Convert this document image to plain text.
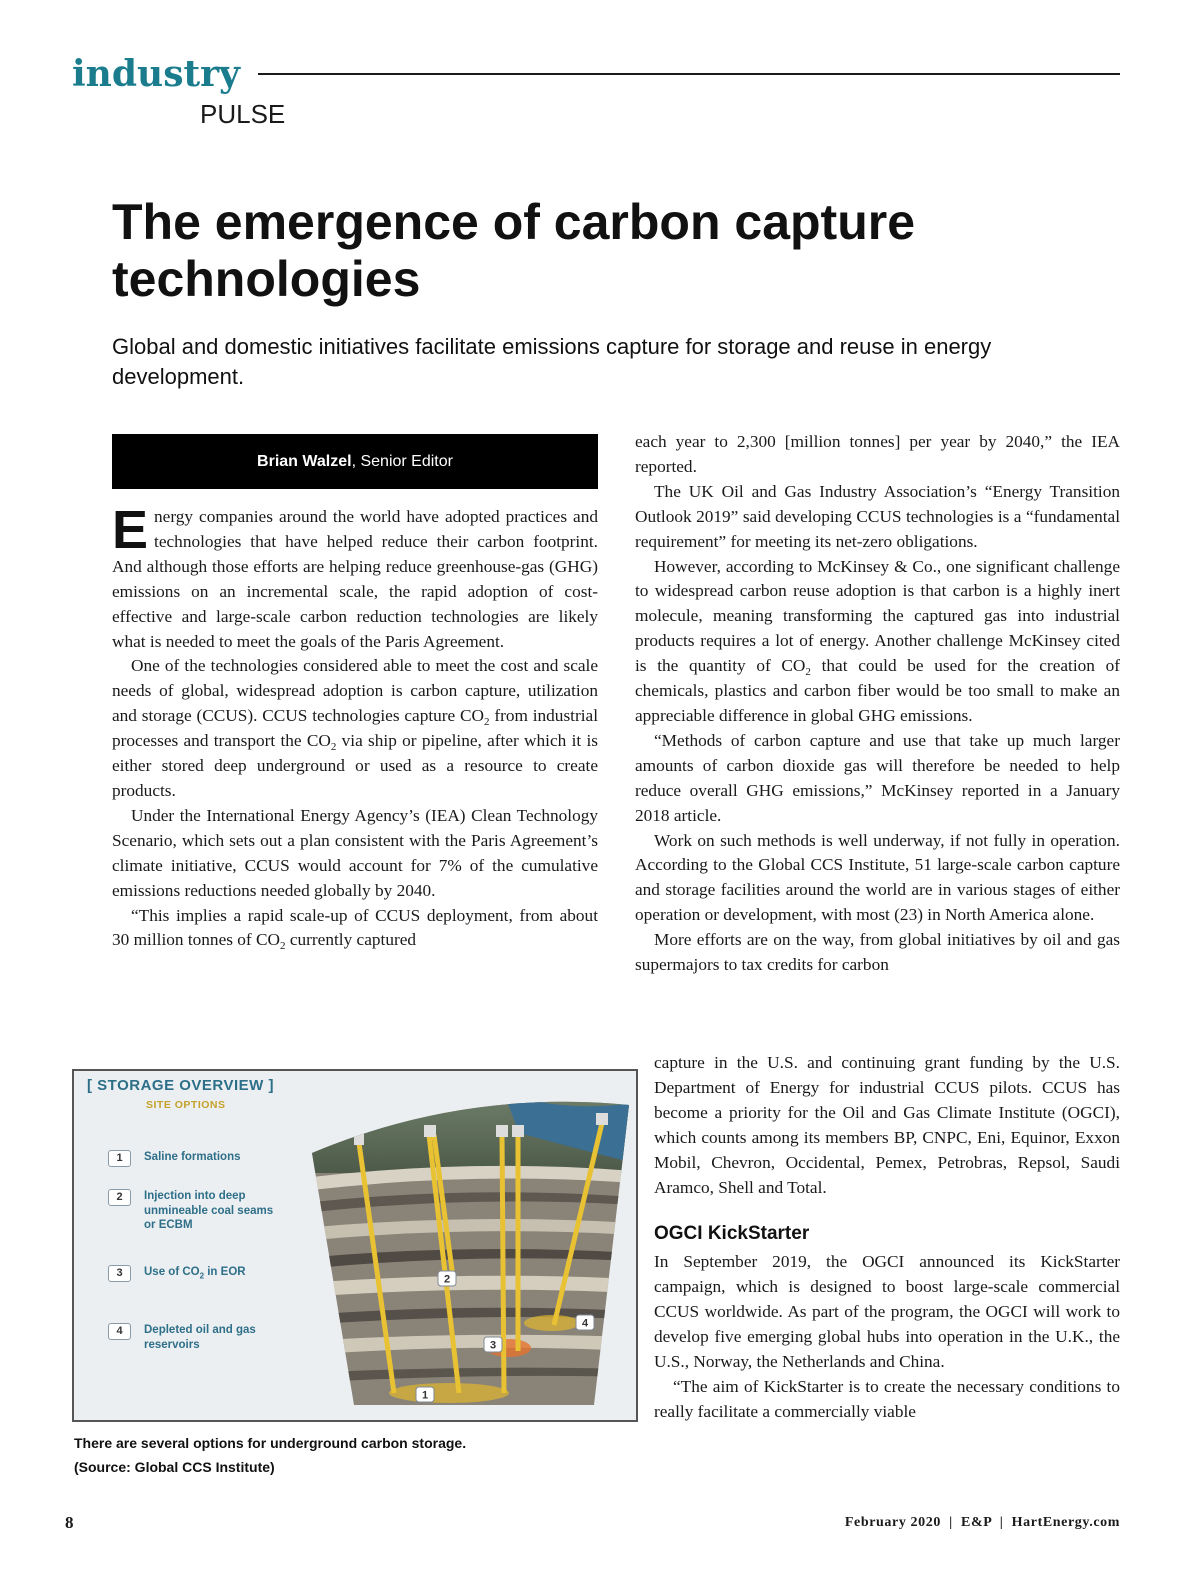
industry
PULSE
The emergence of carbon capture technologies
Global and domestic initiatives facilitate emissions capture for storage and reuse in energy development.
Brian Walzel , Senior Editor

Energy companies around the world have adopted practices and technologies that have helped reduce their carbon footprint. And although those efforts are helping reduce greenhouse-gas (GHG) emissions on an incremental scale, the rapid adoption of cost-effective and large-scale carbon reduction technologies are likely what is needed to meet the goals of the Paris Agreement.

One of the technologies considered able to meet the cost and scale needs of global, widespread adoption is carbon capture, utilization and storage (CCUS). CCUS technologies capture $CO_2$ from industrial processes and transport the $CO_2$ via ship or pipeline, after which it is either stored deep underground or used as a resource to create products.

Under the International Energy Agency’s (IEA) Clean Technology Scenario, which sets out a plan consistent with the Paris Agreement’s climate initiative, CCUS would account for 7% of the cumulative emissions reductions needed globally by 2040.

“This implies a rapid scale-up of CCUS deployment, from about 30 million tonnes of $CO_2$ currently captured

each year to 2,300 [million tonnes] per year by 2040,” the IEA reported.

The UK Oil and Gas Industry Association’s “Energy Transition Outlook 2019” said developing CCUS technologies is a “fundamental requirement” for meeting its net-zero obligations.

However, according to McKinsey & Co., one significant challenge to widespread carbon reuse adoption is that carbon is a highly inert molecule, meaning transforming the captured gas into industrial products requires a lot of energy. Another challenge McKinsey cited is the quantity of $CO_2$ that could be used for the creation of chemicals, plastics and carbon fiber would be too small to make an appreciable difference in global GHG emissions.

“Methods of carbon capture and use that take up much larger amounts of carbon dioxide gas will therefore be needed to help reduce overall GHG emissions,” McKinsey reported in a January 2018 article.

Work on such methods is well underway, if not fully in operation. According to the Global CCS Institute, 51 large-scale carbon capture and storage facilities around the world are in various stages of either operation or development, with most (23) in North America alone.

More efforts are on the way, from global initiatives by oil and gas supermajors to tax credits for carbon

capture in the U.S. and continuing grant funding by the U.S. Department of Energy for industrial CCUS pilots. CCUS has become a priority for the Oil and Gas Climate Institute (OGCI), which counts among its members BP, CNPC, Eni, Equinor, Exxon Mobil, Chevron, Occidental, Pemex, Petrobras, Repsol, Saudi Aramco, Shell and Total.

OGCI KickStarter

In September 2019, the OGCI announced its KickStarter campaign, which is designed to boost large-scale commercial CCUS worldwide. As part of the program, the OGCI will work to develop five emerging global hubs into operation in the U.K., the U.S., Norway, the Netherlands and China.

“The aim of KickStarter is to create the necessary conditions to really facilitate a commercially viable

[ STORAGE OVERVIEW ]
SITE OPTIONS
1	Saline formations
2	Injection into deep unmineable coal seams or ECBM
3	Use of $CO_2$ in EOR
4	Depleted oil and gas reservoirs
2
3
4
1
There are several options for underground carbon storage.
(Source: Global CCS Institute)
8	February 2020  |  E&P  |  HartEnergy.com
